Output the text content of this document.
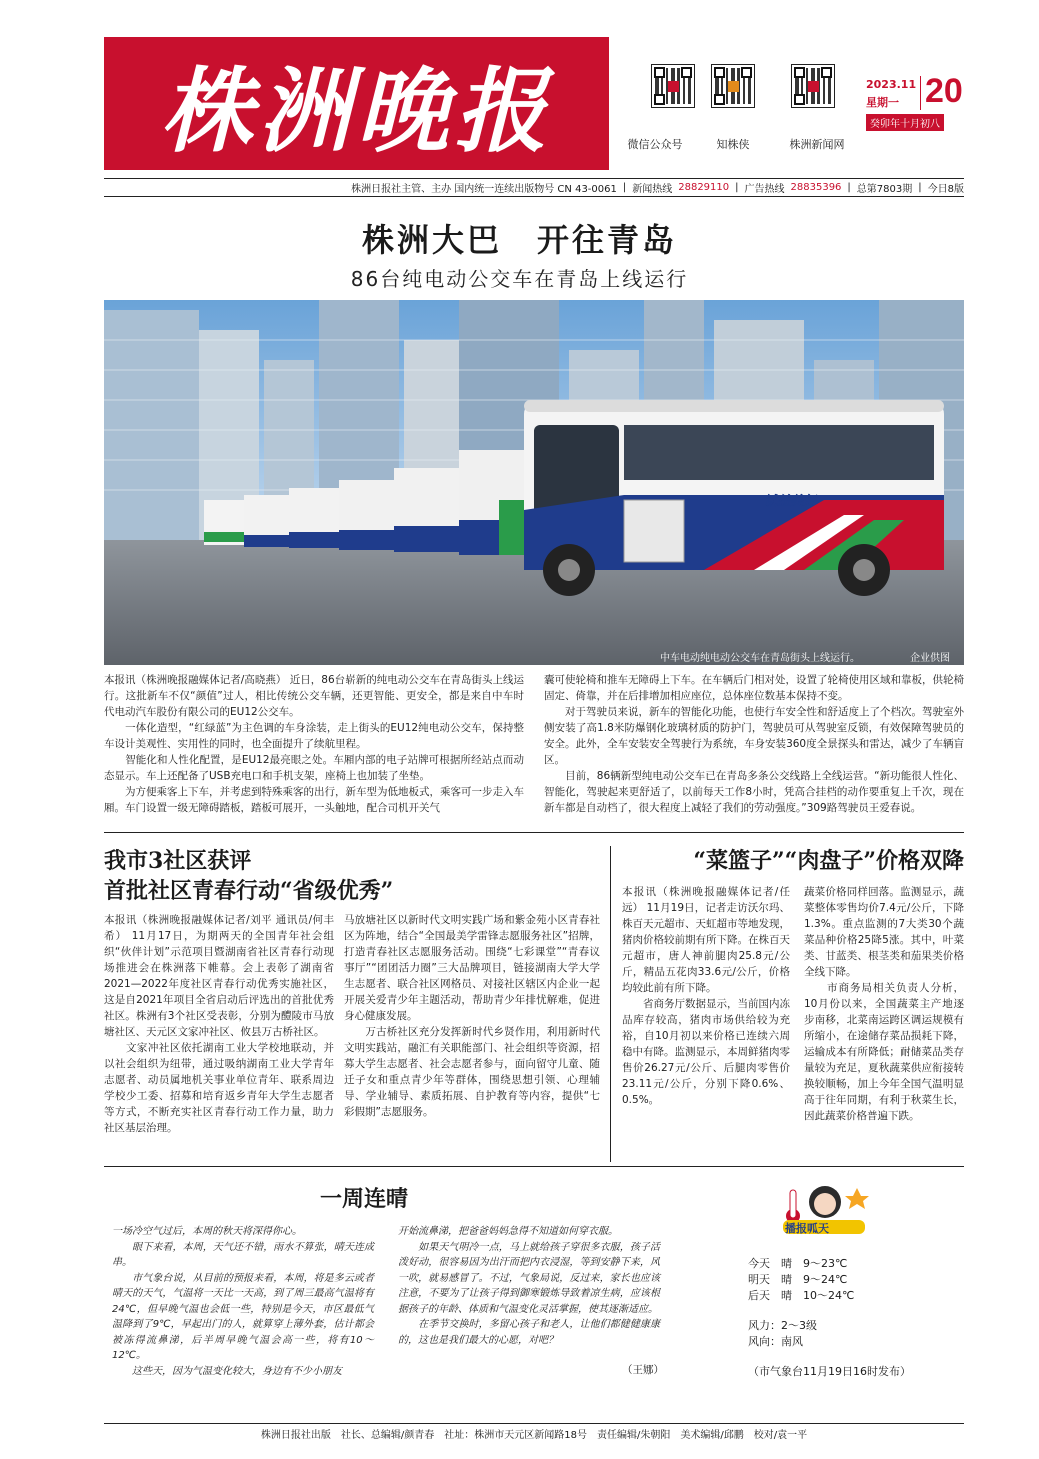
株洲晚报	微信公众号	知株侠	株洲新闻网
2023.11
星期一 20
癸卯年十月初八
株洲日报社主管、主办 国内统一连续出版物号 CN 43-0061 | 新闻热线 28829110 | 广告热线 28835396 | 总第7803期 | 今日8版
株洲大巴　开往青岛
86台纯电动公交车在青岛上线运行
诚益美好
中车电动纯电动公交车在青岛街头上线运行。	企业供图
本报讯（株洲晚报融媒体记者/高晓燕） 近日，86台崭新的纯电动公交车在青岛街头上线运行。这批新车不仅“颜值”过人，相比传统公交车辆，还更智能、更安全，都是来自中车时代电动汽车股份有限公司的EU12公交车。
　　一体化造型，“红绿蓝”为主色调的车身涂装，走上街头的EU12纯电动公交车，保持整车设计美观性、实用性的同时，也全面提升了续航里程。
　　智能化和人性化配置，是EU12最亮眼之处。车厢内部的电子站牌可根据所经站点而动态显示。车上还配备了USB充电口和手机支架，座椅上也加装了坐垫。
　　为方便乘客上下车，并考虑到特殊乘客的出行，新车型为低地板式，乘客可一步走入车厢。车门设置一级无障碍踏板，踏板可展开，一头触地，配合司机开关气
囊可使轮椅和推车无障碍上下车。在车辆后门相对处，设置了轮椅使用区域和靠板，供轮椅固定、倚靠，并在后排增加相应座位，总体座位数基本保持不变。
　　对于驾驶员来说，新车的智能化功能，也使行车安全性和舒适度上了个档次。驾驶室外侧安装了高1.8米防爆钢化玻璃材质的防护门，驾驶员可从驾驶室反锁，有效保障驾驶员的安全。此外，全车安装安全驾驶行为系统，车身安装360度全景探头和雷达，减少了车辆盲区。
　　目前，86辆新型纯电动公交车已在青岛多条公交线路上全线运营。“新功能很人性化、智能化，驾驶起来更舒适了，以前每天工作8小时，凭高合挂档的动作要重复上千次，现在新车都是自动档了，很大程度上减轻了我们的劳动强度。”309路驾驶员王爱春说。
我市3社区获评
首批社区青春行动“省级优秀”
本报讯（株洲晚报融媒体记者/刘平 通讯员/何丰希） 11月17日，为期两天的全国青年社会组织“伙伴计划”示范项目暨湖南省社区青春行动现场推进会在株洲落下帷幕。会上表彰了湖南省2021—2022年度社区青春行动优秀实施社区，这是自2021年项目全省启动后评选出的首批优秀社区。株洲有3个社区受表彰，分别为醴陵市马放塘社区、天元区文家冲社区、攸县万古桥社区。
　　文家冲社区依托湖南工业大学校地联动，并以社会组织为纽带，通过吸纳湖南工业大学青年志愿者、动员属地机关事业单位青年、联系周边学校少工委、招募和培育返乡青年大学生志愿者等方式，不断充实社区青春行动工作力量，助力社区基层治理。
马放塘社区以新时代文明实践广场和紫金苑小区青春社区为阵地，结合“全国最美学雷锋志愿服务社区”招牌，打造青春社区志愿服务活动。围绕“七彩课堂”“青春议事厅”“团团活力圈”三大品牌项目，链接湖南大学大学生志愿者、联合社区网格员、对接社区辖区内企业一起开展关爱青少年主题活动，帮助青少年排忧解难，促进身心健康发展。
　　万古桥社区充分发挥新时代乡贤作用，利用新时代文明实践站，融汇有关职能部门、社会组织等资源，招募大学生志愿者、社会志愿者参与，面向留守儿童、随迁子女和重点青少年等群体，围绕思想引领、心理辅导、学业辅导、素质拓展、自护教育等内容，提供“七彩假期”志愿服务。
“菜篮子”“肉盘子”价格双降
本报讯（株洲晚报融媒体记者/任远） 11月19日，记者走访沃尔玛、株百天元超市、天虹超市等地发现，猪肉价格较前期有所下降。在株百天元超市，唐人神前腿肉25.8元/公斤，精品五花肉33.6元/公斤，价格均较此前有所下降。
　　省商务厅数据显示，当前国内冻品库存较高，猪肉市场供给较为充裕，自10月初以来价格已连续六周稳中有降。监测显示，本周鲜猪肉零售价26.27元/公斤、后腿肉零售价23.11元/公斤，分别下降0.6%、0.5%。
蔬菜价格同样回落。监测显示，蔬菜整体零售均价7.4元/公斤，下降1.3%。重点监测的7大类30个蔬菜品种价格25降5涨。其中，叶菜类、甘蓝类、根茎类和茄果类价格全线下降。
　　市商务局相关负责人分析，10月份以来，全国蔬菜主产地逐步南移，北菜南运跨区调运规模有所缩小，在途储存菜品损耗下降，运输成本有所降低；耐储菜品类存量较为充足，夏秋蔬菜供应衔接转换较顺畅，加上今年全国气温明显高于往年同期，有利于秋菜生长，因此蔬菜价格普遍下跌。
一周连晴
一场冷空气过后，本周的秋天将深得你心。
　　眼下来看，本周，天气还不错，雨水不算张，晴天连成串。
　　市气象台说，从目前的预报来看，本周，将是多云或者晴天的天气，气温将一天比一天高，到了周三最高气温将有24℃，但早晚气温也会低一些，特别是今天，市区最低气温降到了9℃，早起出门的人，就算穿上薄外套，估计都会被冻得流鼻涕，后半周早晚气温会高一些，将有10～12℃。
　　这些天，因为气温变化较大，身边有不少小朋友
开始流鼻涕，把爸爸妈妈急得不知道如何穿衣服。
　　如果天气明冷一点，马上就给孩子穿很多衣服，孩子活泼好动，很容易因为出汗而把内衣浸湿，等到安静下来，风一吹，就易感冒了。不过，气象局说，反过来，家长也应该注意，不要为了让孩子得到御寒锻炼导致着凉生病，应该根据孩子的年龄、体质和气温变化灵活掌握，使其逐渐适应。
　　在季节交换时，多留心孩子和老人，让他们都健健康康的，这也是我们最大的心愿，对吧？
（王娜）
播报呱天
今天　 晴　 9～23℃
明天　 晴　 9～24℃
后天　 晴　 10～24℃
风力：2～3级
风向：南风
（市气象台11月19日16时发布）
株洲日报社出版　社长、总编辑/颜青春　社址：株洲市天元区新闻路18号　责任编辑/朱朝阳　美术编辑/邱鹏　校对/袁一平
